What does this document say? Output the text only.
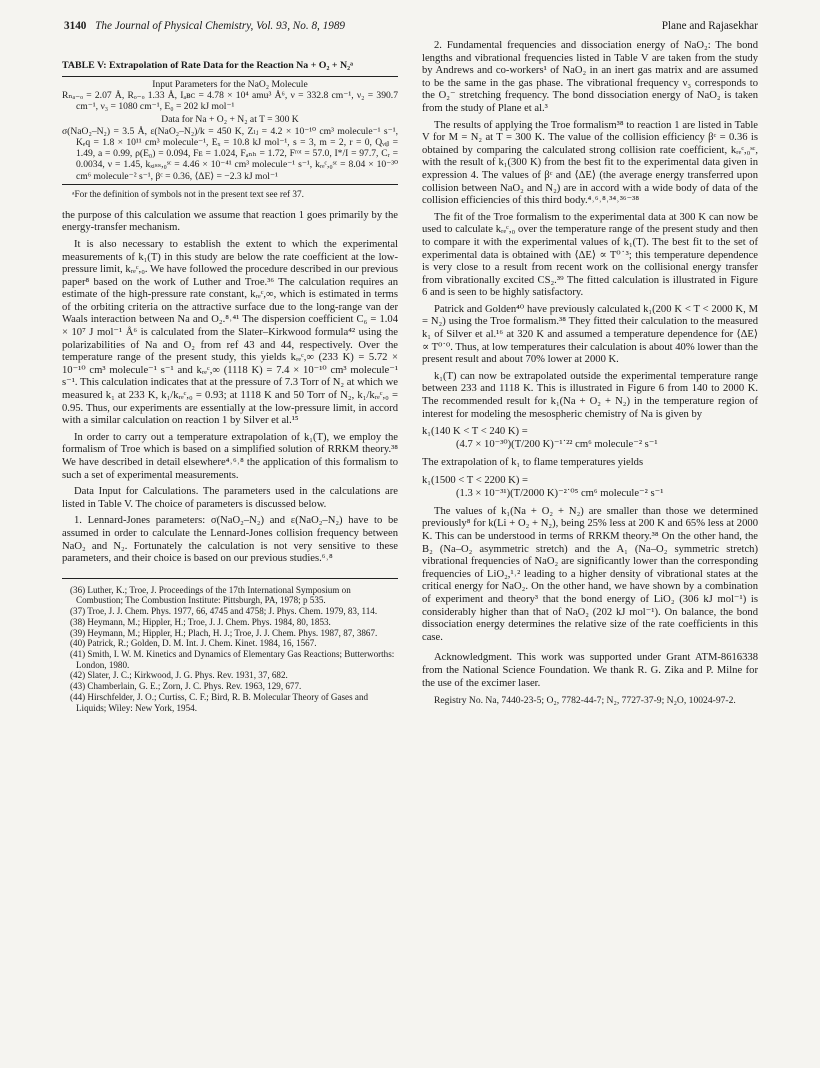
3140 The Journal of Physical Chemistry, Vol. 93, No. 8, 1989	Plane and Rajasekhar
TABLE V: Extrapolation of Rate Data for the Reaction Na + O₂ + N₂ᵃ
Input Parameters for the NaO₂ Molecule
Rₙₐ₋ₒ = 2.07 Å, Rₒ₋ₒ 1.33 Å, Iₐʙᴄ = 4.78 × 10⁴ amu³ Å⁶, ν = 332.8 cm⁻¹, ν₂ = 390.7 cm⁻¹, ν₃ = 1080 cm⁻¹, E₀ = 202 kJ mol⁻¹
Data for Na + O₂ + N₂ at T = 300 K
σ(NaO₂–N₂) = 3.5 Å, ε(NaO₂–N₂)/k = 450 K, Zₗⱼ = 4.2 × 10⁻¹⁰ cm³ molecule⁻¹ s⁻¹, Kₑq = 1.8 × 10¹¹ cm³ molecule⁻¹, Eₓ = 10.8 kJ mol⁻¹, s = 3, m = 2, r = 0, Qᵥᵢᵦ = 1.49, a = 0.99, ρ(E₀) = 0.094, Fᴇ = 1.024, Fₐₙₕ = 1.72, Fʳᵒᵗ = 57.0, I*/I = 97.7, Cᵣ = 0.0034, ν = 1.45, kₓᵢₛₛ,₀ˢᶜ = 4.46 × 10⁻⁴¹ cm³ molecule⁻¹ s⁻¹, kᵣₑᶜ,₀ˢᶜ = 8.04 × 10⁻³⁰ cm⁶ molecule⁻² s⁻¹, βᶜ = 0.36, ⟨ΔE⟩ = −2.3 kJ mol⁻¹
ᵃFor the definition of symbols not in the present text see ref 37.

the purpose of this calculation we assume that reaction 1 goes primarily by the energy-transfer mechanism.

It is also necessary to establish the extent to which the experimental measurements of k₁(T) in this study are below the rate coefficient at the low-pressure limit, kᵣₑᶜ,₀. We have followed the procedure described in our previous paper⁸ based on the work of Luther and Troe.³⁶ The calculation requires an estimate of the high-pressure rate constant, kᵣₑᶜ,∞, which is estimated in terms of the orbiting criteria on the attractive surface due to the long-range van der Waals interaction between Na and O₂.⁸˒⁴¹ The dispersion coefficient C₆ = 1.04 × 10⁷ J mol⁻¹ Å⁶ is calculated from the Slater–Kirkwood formula⁴² using the polarizabilities of Na and O₂ from ref 43 and 44, respectively. Over the temperature range of the present study, this yields kᵣₑᶜ,∞ (233 K) = 5.72 × 10⁻¹⁰ cm³ molecule⁻¹ s⁻¹ and kᵣₑᶜ,∞ (1118 K) = 7.4 × 10⁻¹⁰ cm³ molecule⁻¹ s⁻¹. This calculation indicates that at the pressure of 7.3 Torr of N₂ at which we measured k₁ at 233 K, k₁/kᵣₑᶜ,₀ = 0.93; at 1118 K and 50 Torr of N₂, k₁/kᵣₑᶜ,₀ = 0.95. Thus, our experiments are essentially at the low-pressure limit, in accord with a similar calculation on reaction 1 by Silver et al.¹⁵

In order to carry out a temperature extrapolation of k₁(T), we employ the formalism of Troe which is based on a simplified solution of RRKM theory.³⁸ We have described in detail elsewhere⁴˒⁶˒⁸ the application of this formalism to such a set of experimental measurements.

Data Input for Calculations. The parameters used in the calculations are listed in Table V. The choice of parameters is discussed below.

1. Lennard-Jones parameters: σ(NaO₂–N₂) and ε(NaO₂–N₂) have to be assumed in order to calculate the Lennard-Jones collision frequency between NaO₂ and N₂. Fortunately the calculation is not very sensitive to these parameters, and their choice is based on our previous studies.⁶˒⁸

(36) Luther, K.; Troe, J. Proceedings of the 17th International Symposium on Combustion; The Combustion Institute: Pittsburgh, PA, 1978; p 535.
(37) Troe, J. J. Chem. Phys. 1977, 66, 4745 and 4758; J. Phys. Chem. 1979, 83, 114.
(38) Heymann, M.; Hippler, H.; Troe, J. J. Chem. Phys. 1984, 80, 1853.
(39) Heymann, M.; Hippler, H.; Plach, H. J.; Troe, J. J. Chem. Phys. 1987, 87, 3867.
(40) Patrick, R.; Golden, D. M. Int. J. Chem. Kinet. 1984, 16, 1567.
(41) Smith, I. W. M. Kinetics and Dynamics of Elementary Gas Reactions; Butterworths: London, 1980.
(42) Slater, J. C.; Kirkwood, J. G. Phys. Rev. 1931, 37, 682.
(43) Chamberlain, G. E.; Zorn, J. C. Phys. Rev. 1963, 129, 677.
(44) Hirschfelder, J. O.; Curtiss, C. F.; Bird, R. B. Molecular Theory of Gases and Liquids; Wiley: New York, 1954.

2. Fundamental frequencies and dissociation energy of NaO₂: The bond lengths and vibrational frequencies listed in Table V are taken from the study by Andrews and co-workers¹ of NaO₂ in an inert gas matrix and are assumed to be the same in the gas phase. The vibrational frequency ν₃ corresponds to the O₂⁻ stretching frequency. The bond dissociation energy of NaO₂ is taken from the study of Plane et al.³

The results of applying the Troe formalism³⁸ to reaction 1 are listed in Table V for M = N₂ at T = 300 K. The value of the collision efficiency βᶜ = 0.36 is obtained by comparing the calculated strong collision rate coefficient, kᵣₑᶜ,₀ˢᶜ, with the result of k₁(300 K) from the best fit to the experimental data given in expression 4. The values of βᶜ and ⟨ΔE⟩ (the average energy transferred upon collision between NaO₂ and N₂) are in accord with a wide body of data of the collision efficiencies of this third body.⁴˒⁶˒⁸˒³⁴˒³⁶⁻³⁸

The fit of the Troe formalism to the experimental data at 300 K can now be used to calculate kᵣₑᶜ,₀ over the temperature range of the present study and then to compare it with the experimental values of k₁(T). The best fit to the set of experimental data is obtained with ⟨ΔE⟩ ∝ T⁰˙³; this temperature dependence is very close to a result from recent work on the collisional energy transfer from vibrationally excited CS₂.³⁹ The fitted calculation is illustrated in Figure 6 and is seen to be highly satisfactory.

Patrick and Golden⁴⁰ have previously calculated k₁(200 K < T < 2000 K, M = N₂) using the Troe formalism.³⁸ They fitted their calculation to the measured k₁ of Silver et al.¹⁶ at 320 K and assumed a temperature dependence for ⟨ΔE⟩ ∝ T⁰˙⁰. Thus, at low temperatures their calculation is about 40% lower than the present result and about 70% lower at 2000 K.

k₁(T) can now be extrapolated outside the experimental temperature range between 233 and 1118 K. This is illustrated in Figure 6 from 140 to 2000 K. The recommended result for k₁(Na + O₂ + N₂) in the temperature region of interest for modeling the mesospheric chemistry of Na is given by

k₁(140 K < T < 240 K) =
(4.7 × 10⁻³⁰)(T/200 K)⁻¹˙²² cm⁶ molecule⁻² s⁻¹

The extrapolation of k₁ to flame temperatures yields

k₁(1500 < T < 2200 K) =
(1.3 × 10⁻³¹)(T/2000 K)⁻²˙⁰⁵ cm⁶ molecule⁻² s⁻¹

The values of k₁(Na + O₂ + N₂) are smaller than those we determined previously⁸ for k(Li + O₂ + N₂), being 25% less at 200 K and 65% less at 2000 K. This can be understood in terms of RRKM theory.³⁸ On the other hand, the B₂ (Na–O₂ asymmetric stretch) and the A₁ (Na–O₂ symmetric stretch) vibrational frequencies of NaO₂ are significantly lower than the corresponding frequencies of LiO₂,¹˒² leading to a higher density of vibrational states at the critical energy for NaO₂. On the other hand, we have shown by a combination of experiment and theory³ that the bond energy of LiO₂ (306 kJ mol⁻¹) is considerably higher than that of NaO₂ (202 kJ mol⁻¹). On balance, the bond dissociation energy determines the relative size of the rate coefficients in this case.

Acknowledgment. This work was supported under Grant ATM-8616338 from the National Science Foundation. We thank R. G. Zika and P. Milne for the use of the excimer laser.

Registry No. Na, 7440-23-5; O₂, 7782-44-7; N₂, 7727-37-9; N₂O, 10024-97-2.
